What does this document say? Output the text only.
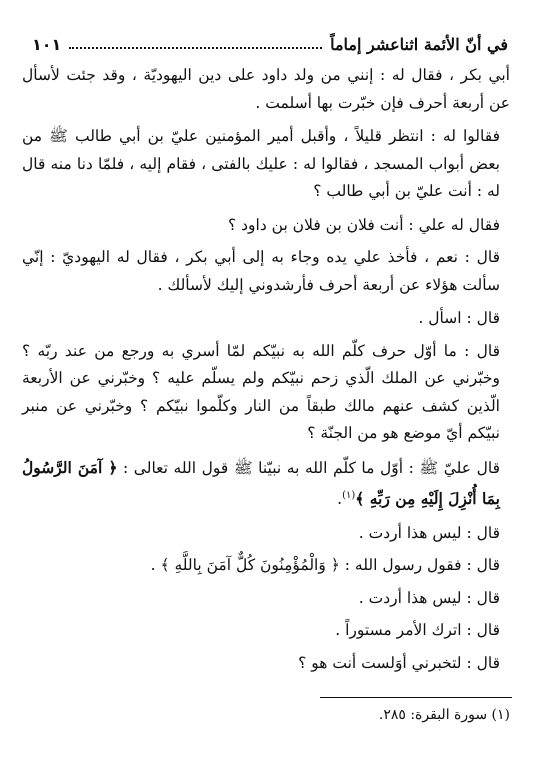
في أنّ الأئمة اثناعشر إماماً
١٠١

أبي بكر ، فقال له : إنني من ولد داود على دين اليهوديّة ، وقد جئت لأسأل عن أربعة أحرف فإن خبّرت بها أسلمت .

فقالوا له : انتظر قليلاً ، وأقبل أمير المؤمنين عليّ بن أبي طالب ﷺ من بعض أبواب المسجد ، فقالوا له : عليك بالفتى ، فقام إليه ، فلمّا دنا منه قال له : أنت عليّ بن أبي طالب ؟

فقال له علي : أنت فلان بن فلان بن داود ؟

قال : نعم ، فأخذ علي يده وجاء به إلى أبي بكر ، فقال له اليهوديّ : إنّي سألت هؤلاء عن أربعة أحرف فأرشدوني إليك لأسألك .

قال : اسأل .

قال : ما أوّل حرف كلّم الله به نبيّكم لمّا أسري به ورجع من عند ربّه ؟ وخبّرني عن الملك الّذي زحم نبيّكم ولم يسلّم عليه ؟ وخبّرني عن الأربعة الّذين كشف عنهم مالك طبقاً من النار وكلّموا نبيّكم ؟ وخبّرني عن منبر نبيّكم أيّ موضع هو من الجنّة ؟

قال عليّ ﷺ : أوّل ما كلّم الله به نبيّنا ﷺ قول الله تعالى : ﴿ آمَنَ الرَّسُولُ بِمَا أُنْزِلَ إِلَيْهِ مِن رَبِّهِ ﴾$^{(١)}$.

قال : ليس هذا أردت .

قال : فقول رسول الله : ﴿ وَالْمُؤْمِنُونَ كُلٌّ آمَنَ بِاللَّهِ ﴾ .

قال : ليس هذا أردت .

قال : اترك الأمر مستوراً .

قال : لتخبرني أوَلست أنت هو ؟

(١) سورة البقرة: ٢٨٥.
